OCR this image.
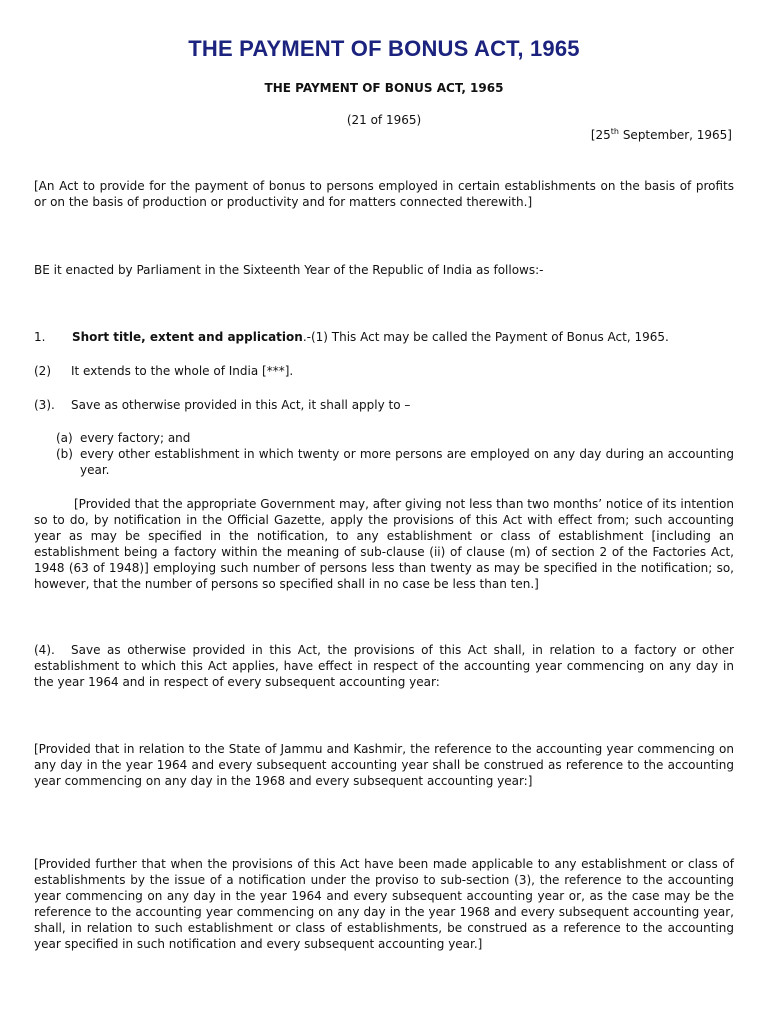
THE PAYMENT OF BONUS ACT, 1965
THE PAYMENT OF BONUS ACT, 1965
(21 of 1965)
[25th September, 1965]

[An Act to provide for the payment of bonus to persons employed in certain establishments on the basis of profits or on the basis of production or productivity and for matters connected therewith.]

BE it enacted by Parliament in the Sixteenth Year of the Republic of India as follows:-

1. Short title, extent and application.-(1) This Act may be called the Payment of Bonus Act, 1965.

(2) It extends to the whole of India [***].

(3). Save as otherwise provided in this Act, it shall apply to –

(a) every factory; and
(b) every other establishment in which twenty or more persons are employed on any day during an accounting year.

[Provided that the appropriate Government may, after giving not less than two months’ notice of its intention so to do, by notification in the Official Gazette, apply the provisions of this Act with effect from; such accounting year as may be specified in the notification, to any establishment or class of establishment [including an establishment being a factory within the meaning of sub-clause (ii) of clause (m) of section 2 of the Factories Act, 1948 (63 of 1948)] employing such number of persons less than twenty as may be specified in the notification; so, however, that the number of persons so specified shall in no case be less than ten.]

(4). Save as otherwise provided in this Act, the provisions of this Act shall, in relation to a factory or other establishment to which this Act applies, have effect in respect of the accounting year commencing on any day in the year 1964 and in respect of every subsequent accounting year:

[Provided that in relation to the State of Jammu and Kashmir, the reference to the accounting year commencing on any day in the year 1964 and every subsequent accounting year shall be construed as reference to the accounting year commencing on any day in the 1968 and every subsequent accounting year:]

[Provided further that when the provisions of this Act have been made applicable to any establishment or class of establishments by the issue of a notification under the proviso to sub-section (3), the reference to the accounting year commencing on any day in the year 1964 and every subsequent accounting year or, as the case may be the reference to the accounting year commencing on any day in the year 1968 and every subsequent accounting year, shall, in relation to such establishment or class of establishments, be construed as a reference to the accounting year specified in such notification and every subsequent accounting year.]
